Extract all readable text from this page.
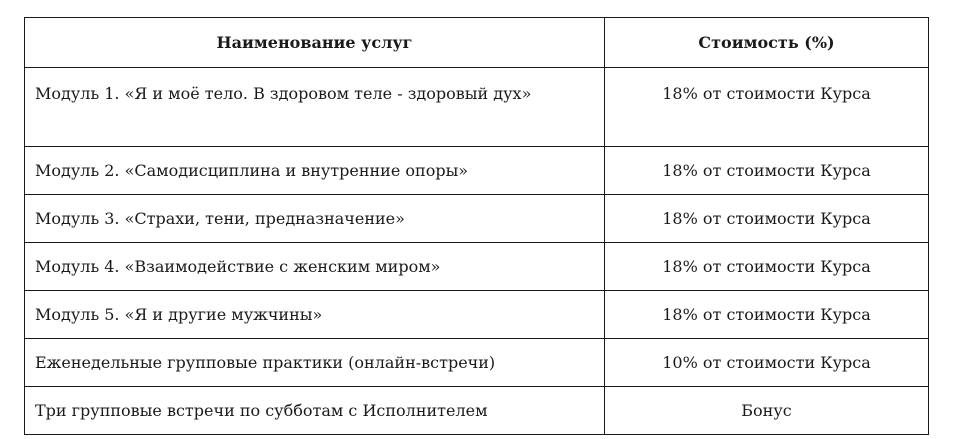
Наименование услуг	Стоимость (%)
Модуль 1. «Я и моё тело. В здоровом теле - здоровый дух»	18% от стоимости Курса
Модуль 2. «Самодисциплина и внутренние опоры»	18% от стоимости Курса
Модуль 3. «Страхи, тени, предназначение»	18% от стоимости Курса
Модуль 4. «Взаимодействие с женским миром»	18% от стоимости Курса
Модуль 5. «Я и другие мужчины»	18% от стоимости Курса
Еженедельные групповые практики (онлайн-встречи)	10% от стоимости Курса
Три групповые встречи по субботам с Исполнителем	Бонус
